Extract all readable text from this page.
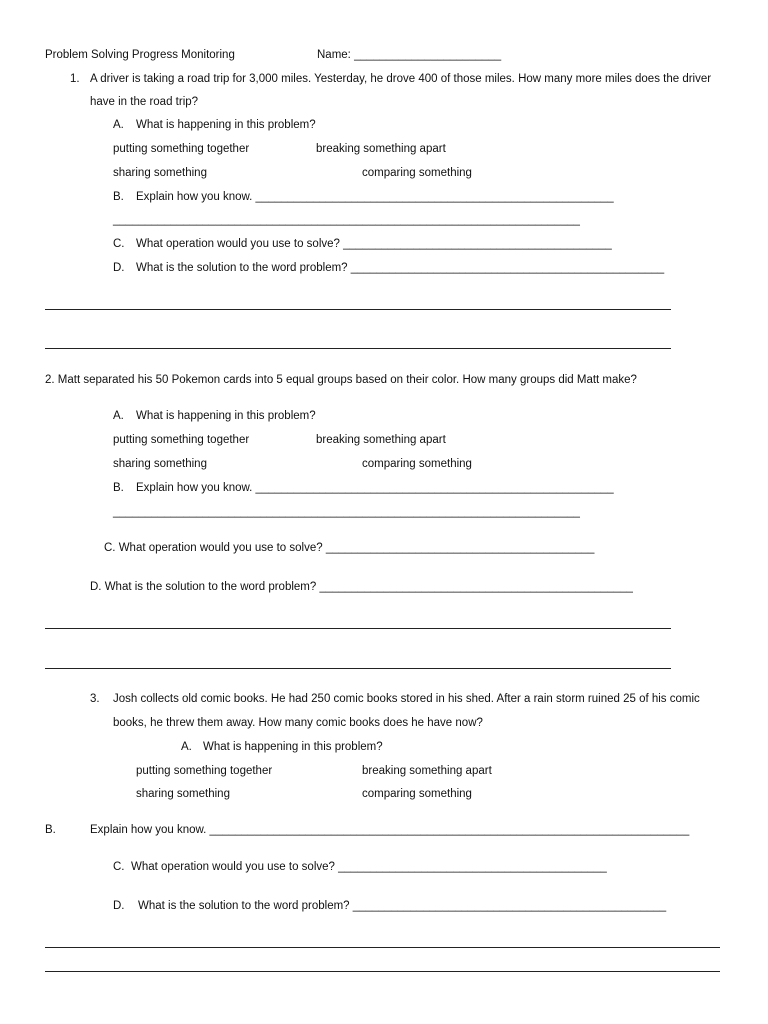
Problem Solving Progress Monitoring	Name: _______________________
1. A driver is taking a road trip for 3,000 miles. Yesterday, he drove 400 of those miles. How many more miles does the driver
have in the road trip?
A. What is happening in this problem?
putting something together	breaking something apart
sharing something	comparing something
B. Explain how you know. ________________________________________________________
_________________________________________________________________________
C. What operation would you use to solve? __________________________________________
D. What is the solution to the word problem? _________________________________________________
2. Matt separated his 50 Pokemon cards into 5 equal groups based on their color. How many groups did Matt make?
A. What is happening in this problem?
putting something together	breaking something apart
sharing something	comparing something
B. Explain how you know. ________________________________________________________
_________________________________________________________________________
C. What operation would you use to solve? __________________________________________
D. What is the solution to the word problem? _________________________________________________
3. Josh collects old comic books. He had 250 comic books stored in his shed. After a rain storm ruined 25 of his comic
books, he threw them away. How many comic books does he have now?
A. What is happening in this problem?
putting something together	breaking something apart
sharing something	comparing something
B.	Explain how you know. ___________________________________________________________________________
C. What operation would you use to solve? __________________________________________
D. What is the solution to the word problem? _________________________________________________
